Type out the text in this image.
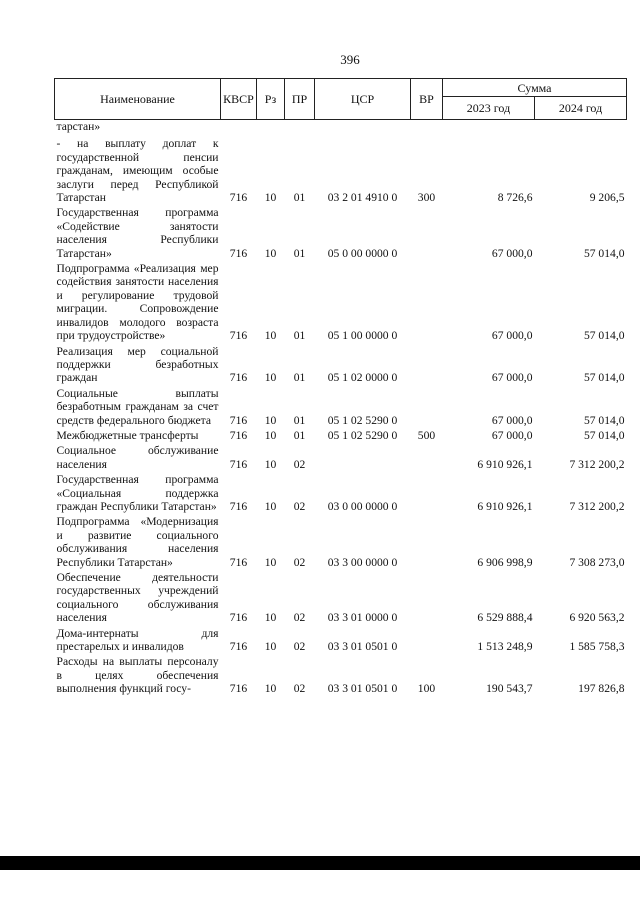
396
Наименование	КВСР	Рз	ПР	ЦСР	ВР	Сумма	
						2023 год	2024 год
тарстан»							
- на выплату доплат к государственной пенсии гражданам, имеющим особые заслуги перед Республикой Татарстан	716	10	01	03 2 01 4910 0	300	8 726,6	9 206,5
Государственная программа «Содействие занятости населения Республики Татарстан»	716	10	01	05 0 00 0000 0		67 000,0	57 014,0
Подпрограмма «Реализация мер содействия занятости населения и регулирование трудовой миграции. Сопровождение инвалидов молодого возраста при трудоустройстве»	716	10	01	05 1 00 0000 0		67 000,0	57 014,0
Реализация мер социальной поддержки безработных граждан	716	10	01	05 1 02 0000 0		67 000,0	57 014,0
Социальные выплаты безработным гражданам за счет средств федерального бюджета	716	10	01	05 1 02 5290 0		67 000,0	57 014,0
Межбюджетные трансферты	716	10	01	05 1 02 5290 0	500	67 000,0	57 014,0
Социальное обслуживание населения	716	10	02			6 910 926,1	7 312 200,2
Государственная программа «Социальная поддержка граждан Республики Татарстан»	716	10	02	03 0 00 0000 0		6 910 926,1	7 312 200,2
Подпрограмма «Модернизация и развитие социального обслуживания населения Республики Татарстан»	716	10	02	03 3 00 0000 0		6 906 998,9	7 308 273,0
Обеспечение деятельности государственных учреждений социального обслуживания населения	716	10	02	03 3 01 0000 0		6 529 888,4	6 920 563,2
Дома-интернаты для престарелых и инвалидов	716	10	02	03 3 01 0501 0		1 513 248,9	1 585 758,3
Расходы на выплаты персоналу в целях обеспечения выполнения функций госу-	716	10	02	03 3 01 0501 0	100	190 543,7	197 826,8
